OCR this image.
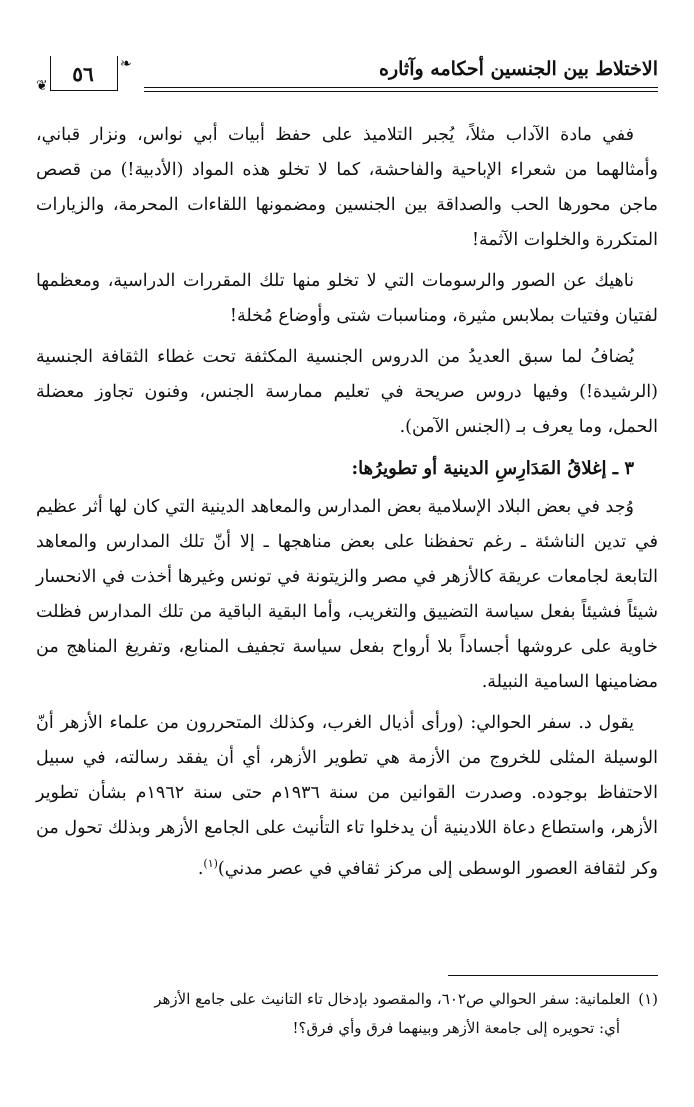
الاختلاط بين الجنسين أحكامه وآثاره
❦	٥٦	❧

ففي مادة الآداب مثلاً، يُجبر التلاميذ على حفظ أبيات أبي نواس، ونزار قباني، وأمثالهما من شعراء الإباحية والفاحشة، كما لا تخلو هذه المواد (الأدبية!) من قصص ماجن محورها الحب والصداقة بين الجنسين ومضمونها اللقاءات المحرمة، والزيارات المتكررة والخلوات الآثمة!

ناهيك عن الصور والرسومات التي لا تخلو منها تلك المقررات الدراسية، ومعظمها لفتيان وفتيات بملابس مثيرة، ومناسبات شتى وأوضاع مُخلة!

يُضافُ لما سبق العديدُ من الدروس الجنسية المكثفة تحت غطاء الثقافة الجنسية (الرشيدة!) وفيها دروس صريحة في تعليم ممارسة الجنس، وفنون تجاوز معضلة الحمل، وما يعرف بـ (الجنس الآمن).

٣ ـ إغلاقُ المَدَارِسِ الدينية أو تطويرُها:

وُجد في بعض البلاد الإسلامية بعض المدارس والمعاهد الدينية التي كان لها أثر عظيم في تدين الناشئة ـ رغم تحفظنا على بعض مناهجها ـ إلا أنّ تلك المدارس والمعاهد التابعة لجامعات عريقة كالأزهر في مصر والزيتونة في تونس وغيرها أخذت في الانحسار شيئاً فشيئاً بفعل سياسة التضييق والتغريب، وأما البقية الباقية من تلك المدارس فظلت خاوية على عروشها أجساداً بلا أرواح بفعل سياسة تجفيف المنابع، وتفريغ المناهج من مضامينها السامية النبيلة.

يقول د. سفر الحوالي: (ورأى أذيال الغرب، وكذلك المتحررون من علماء الأزهر أنّ الوسيلة المثلى للخروج من الأزمة هي تطوير الأزهر، أي أن يفقد رسالته، في سبيل الاحتفاظ بوجوده. وصدرت القوانين من سنة ١٩٣٦م حتى سنة ١٩٦٢م بشأن تطوير الأزهر، واستطاع دعاة اللادينية أن يدخلوا تاء التأنيث على الجامع الأزهر وبذلك تحول من وكر لثقافة العصور الوسطى إلى مركز ثقافي في عصر مدني)$^{(١)}$.

(١)العلمانية: سفر الحوالي ص٦٠٢، والمقصود بإدخال تاء التانيث على جامع الأزهر

أي: تحويره إلى جامعة الأزهر وبينهما فرق وأي فرق؟!
